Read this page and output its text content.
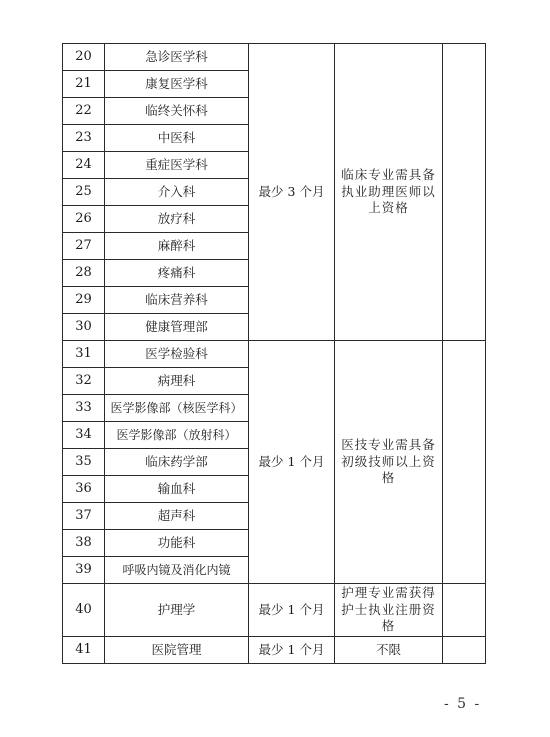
20	急诊医学科	最少 3 个月	临床专业需具备执业助理医师以上资格	
21	康复医学科			
22	临终关怀科			
23	中医科			
24	重症医学科			
25	介入科			
26	放疗科			
27	麻醉科			
28	疼痛科			
29	临床营养科			
30	健康管理部			
31	医学检验科	最少 1 个月	医技专业需具备初级技师以上资格	
32	病理科			
33	医学影像部（核医学科）			
34	医学影像部（放射科）			
35	临床药学部			
36	输血科			
37	超声科			
38	功能科			
39	呼吸内镜及消化内镜			
40	护理学	最少 1 个月	护理专业需获得护士执业注册资格	
41	医院管理	最少 1 个月	不限	
- 5 -
